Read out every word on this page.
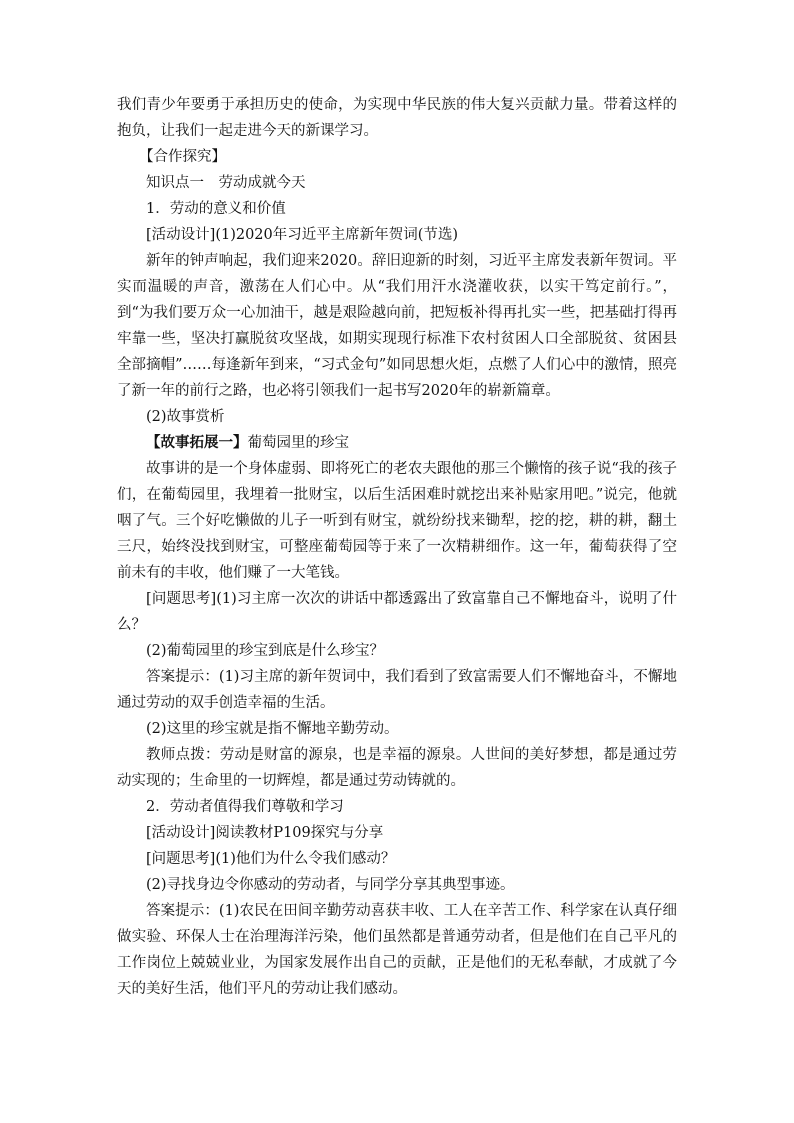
我们青少年要勇于承担历史的使命，为实现中华民族的伟大复兴贡献力量。带着这样的抱负，让我们一起走进今天的新课学习。

【合作探究】

知识点一　劳动成就今天

1．劳动的意义和价值

[活动设计](1)2020年习近平主席新年贺词(节选)

新年的钟声响起，我们迎来2020。辞旧迎新的时刻，习近平主席发表新年贺词。平实而温暖的声音，激荡在人们心中。从“我们用汗水浇灌收获，以实干笃定前行。”，到“为我们要万众一心加油干，越是艰险越向前，把短板补得再扎实一些，把基础打得再牢靠一些，坚决打赢脱贫攻坚战，如期实现现行标准下农村贫困人口全部脱贫、贫困县全部摘帽”……每逢新年到来，“习式金句”如同思想火炬，点燃了人们心中的激情，照亮了新一年的前行之路，也必将引领我们一起书写2020年的崭新篇章。

(2)故事赏析

【故事拓展一】葡萄园里的珍宝

故事讲的是一个身体虚弱、即将死亡的老农夫跟他的那三个懒惰的孩子说“我的孩子们，在葡萄园里，我埋着一批财宝，以后生活困难时就挖出来补贴家用吧。”说完，他就咽了气。三个好吃懒做的儿子一听到有财宝，就纷纷找来锄犁，挖的挖，耕的耕，翻土三尺，始终没找到财宝，可整座葡萄园等于来了一次精耕细作。这一年，葡萄获得了空前未有的丰收，他们赚了一大笔钱。

[问题思考](1)习主席一次次的讲话中都透露出了致富靠自己不懈地奋斗，说明了什么？

(2)葡萄园里的珍宝到底是什么珍宝？

答案提示：(1)习主席的新年贺词中，我们看到了致富需要人们不懈地奋斗，不懈地通过劳动的双手创造幸福的生活。

(2)这里的珍宝就是指不懈地辛勤劳动。

教师点拨：劳动是财富的源泉，也是幸福的源泉。人世间的美好梦想，都是通过劳动实现的；生命里的一切辉煌，都是通过劳动铸就的。

2．劳动者值得我们尊敬和学习

[活动设计]阅读教材P109探究与分享

[问题思考](1)他们为什么令我们感动？

(2)寻找身边令你感动的劳动者，与同学分享其典型事迹。

答案提示：(1)农民在田间辛勤劳动喜获丰收、工人在辛苦工作、科学家在认真仔细做实验、环保人士在治理海洋污染，他们虽然都是普通劳动者，但是他们在自己平凡的工作岗位上兢兢业业，为国家发展作出自己的贡献，正是他们的无私奉献，才成就了今天的美好生活，他们平凡的劳动让我们感动。
